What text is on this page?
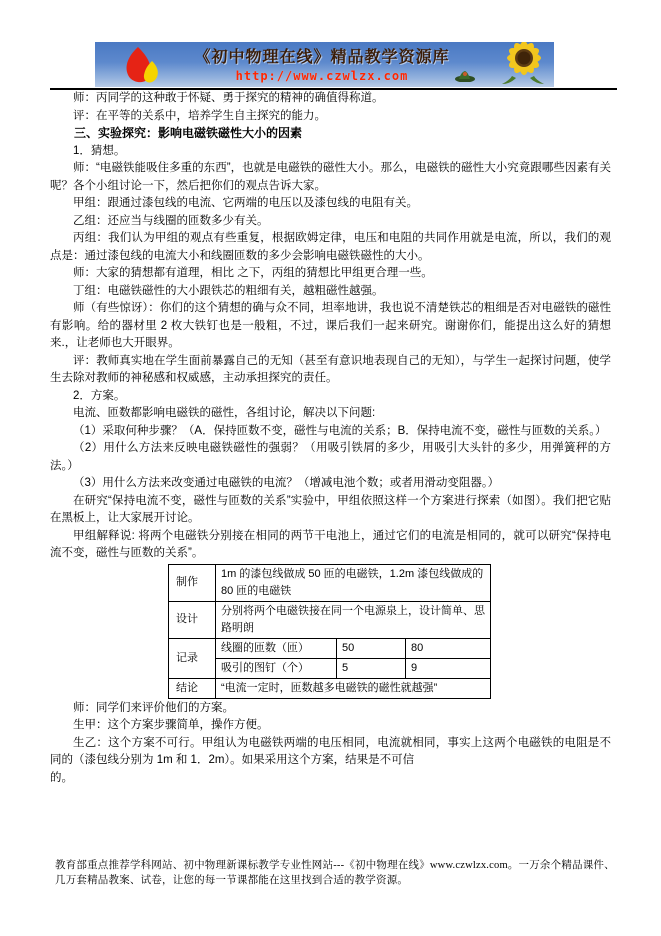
《初中物理在线》精品教学资源库
http://www.czwlzx.com

师：丙同学的这种敢于怀疑、勇于探究的精神的确值得称道。

评：在平等的关系中，培养学生自主探究的能力。

三、实验探究：影响电磁铁磁性大小的因素

1．猜想。

师：“电磁铁能吸住多重的东西”，也就是电磁铁的磁性大小。那么，电磁铁的磁性大小究竟跟哪些因素有关呢？各个小组讨论一下，然后把你们的观点告诉大家。

甲组：跟通过漆包线的电流、它两端的电压以及漆包线的电阻有关。

乙组：还应当与线圈的匝数多少有关。

丙组：我们认为甲组的观点有些重复，根据欧姆定律，电压和电阻的共同作用就是电流，所以，我们的观点是：通过漆包线的电流大小和线圈匝数的多少会影响电磁铁磁性的大小。

师：大家的猜想都有道理，相比 之下，丙组的猜想比甲组更合理一些。

丁组：电磁铁磁性的大小跟铁芯的粗细有关，越粗磁性越强。

师（有些惊讶）：你们的这个猜想的确与众不同，坦率地讲，我也说不清楚铁芯的粗细是否对电磁铁的磁性有影响。给的器材里 2 枚大铁钉也是一般粗，不过，课后我们一起来研究。谢谢你们，能提出这么好的猜想来.，让老师也大开眼界。

评：教师真实地在学生面前暴露自己的无知（甚至有意识地表现自己的无知），与学生一起探讨问题，使学生去除对教师的神秘感和权威感，主动承担探究的责任。

2．方案。

电流、匝数都影响电磁铁的磁性，各组讨论，解决以下问题:

（1）采取何种步骤？（A．保持匝数不变，磁性与电流的关系；B．保持电流不变，磁性与匝数的关系。）

（2）用什么方法来反映电磁铁磁性的强弱？（用吸引铁屑的多少，用吸引大头针的多少，用弹簧秤的方法。）

（3）用什么方法来改变通过电磁铁的电流？（增减电池个数；或者用滑动变阻器。）

在研究“保持电流不变，磁性与匝数的关系”实验中，甲组依照这样一个方案进行探索（如图）。我们把它贴在黑板上，让大家展开讨论。

甲组解释说: 将两个电磁铁分别接在相同的两节干电池上，通过它们的电流是相同的，就可以研究“保持电流不变，磁性与匝数的关系”。

制作	1m 的漆包线做成 50 匝的电磁铁，1.2m 漆包线做成的 80 匝的电磁铁		
设计	分别将两个电磁铁接在同一个电源泉上，设计简单、思路明朗		
记录	线圈的匝数（匝）	50	80
	吸引的图钉（个）	5	9
结论	“电流一定时，匝数越多电磁铁的磁性就越强”		

师：同学们来评价他们的方案。

生甲：这个方案步骤简单，操作方便。

生乙：这个方案不可行。甲组认为电磁铁两端的电压相同，电流就相同，事实上这两个电磁铁的电阻是不同的（漆包线分别为 1m 和 1．2m）。如果采用这个方案，结果是不可信

的。

教育部重点推荐学科网站、初中物理新课标教学专业性网站---《初中物理在线》www.czwlzx.com。一万余个精品课件、
几万套精品教案、试卷，让您的每一节课都能在这里找到合适的教学资源。
